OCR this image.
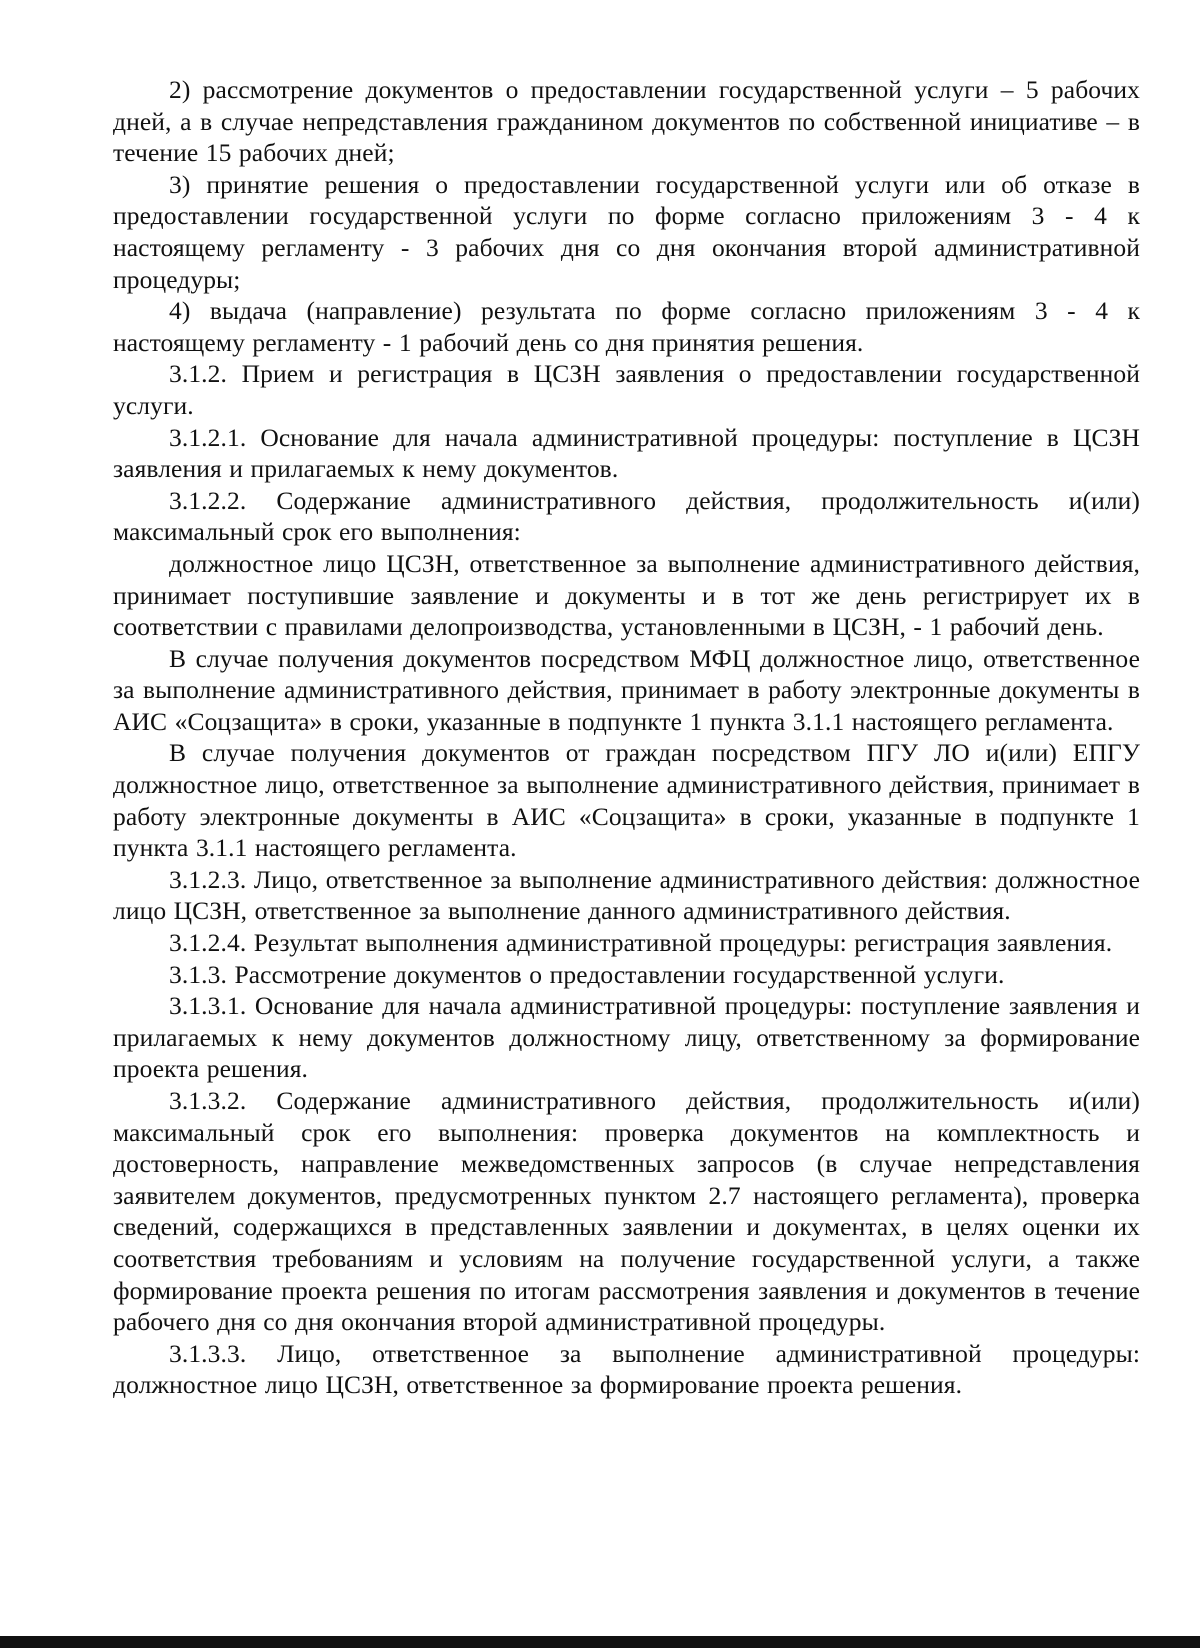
2) рассмотрение документов о предоставлении государственной услуги – 5 рабочих дней, а в случае непредставления гражданином документов по собственной инициативе – в течение 15 рабочих дней;

3) принятие решения о предоставлении государственной услуги или об отказе в предоставлении государственной услуги по форме согласно приложениям 3 - 4 к настоящему регламенту - 3 рабочих дня со дня окончания второй административной процедуры;

4) выдача (направление) результата по форме согласно приложениям 3 - 4 к настоящему регламенту - 1 рабочий день со дня принятия решения.

3.1.2. Прием и регистрация в ЦСЗН заявления о предоставлении государственной услуги.

3.1.2.1. Основание для начала административной процедуры: поступление в ЦСЗН заявления и прилагаемых к нему документов.

3.1.2.2. Содержание административного действия, продолжительность и(или) максимальный срок его выполнения:

должностное лицо ЦСЗН, ответственное за выполнение административного действия, принимает поступившие заявление и документы и в тот же день регистрирует их в соответствии с правилами делопроизводства, установленными в ЦСЗН, - 1 рабочий день.

В случае получения документов посредством МФЦ должностное лицо, ответственное за выполнение административного действия, принимает в работу электронные документы в АИС «Соцзащита» в сроки, указанные в подпункте 1 пункта 3.1.1 настоящего регламента.

В случае получения документов от граждан посредством ПГУ ЛО и(или) ЕПГУ должностное лицо, ответственное за выполнение административного действия, принимает в работу электронные документы в АИС «Соцзащита» в сроки, указанные в подпункте 1 пункта 3.1.1 настоящего регламента.

3.1.2.3. Лицо, ответственное за выполнение административного действия: должностное лицо ЦСЗН, ответственное за выполнение данного административного действия.

3.1.2.4. Результат выполнения административной процедуры: регистрация заявления.

3.1.3. Рассмотрение документов о предоставлении государственной услуги.

3.1.3.1. Основание для начала административной процедуры: поступление заявления и прилагаемых к нему документов должностному лицу, ответственному за формирование проекта решения.

3.1.3.2. Содержание административного действия, продолжительность и(или) максимальный срок его выполнения: проверка документов на комплектность и достоверность, направление межведомственных запросов (в случае непредставления заявителем документов, предусмотренных пунктом 2.7 настоящего регламента), проверка сведений, содержащихся в представленных заявлении и документах, в целях оценки их соответствия требованиям и условиям на получение государственной услуги, а также формирование проекта решения по итогам рассмотрения заявления и документов в течение рабочего дня со дня окончания второй административной процедуры.

3.1.3.3. Лицо, ответственное за выполнение административной процедуры: должностное лицо ЦСЗН, ответственное за формирование проекта решения.
